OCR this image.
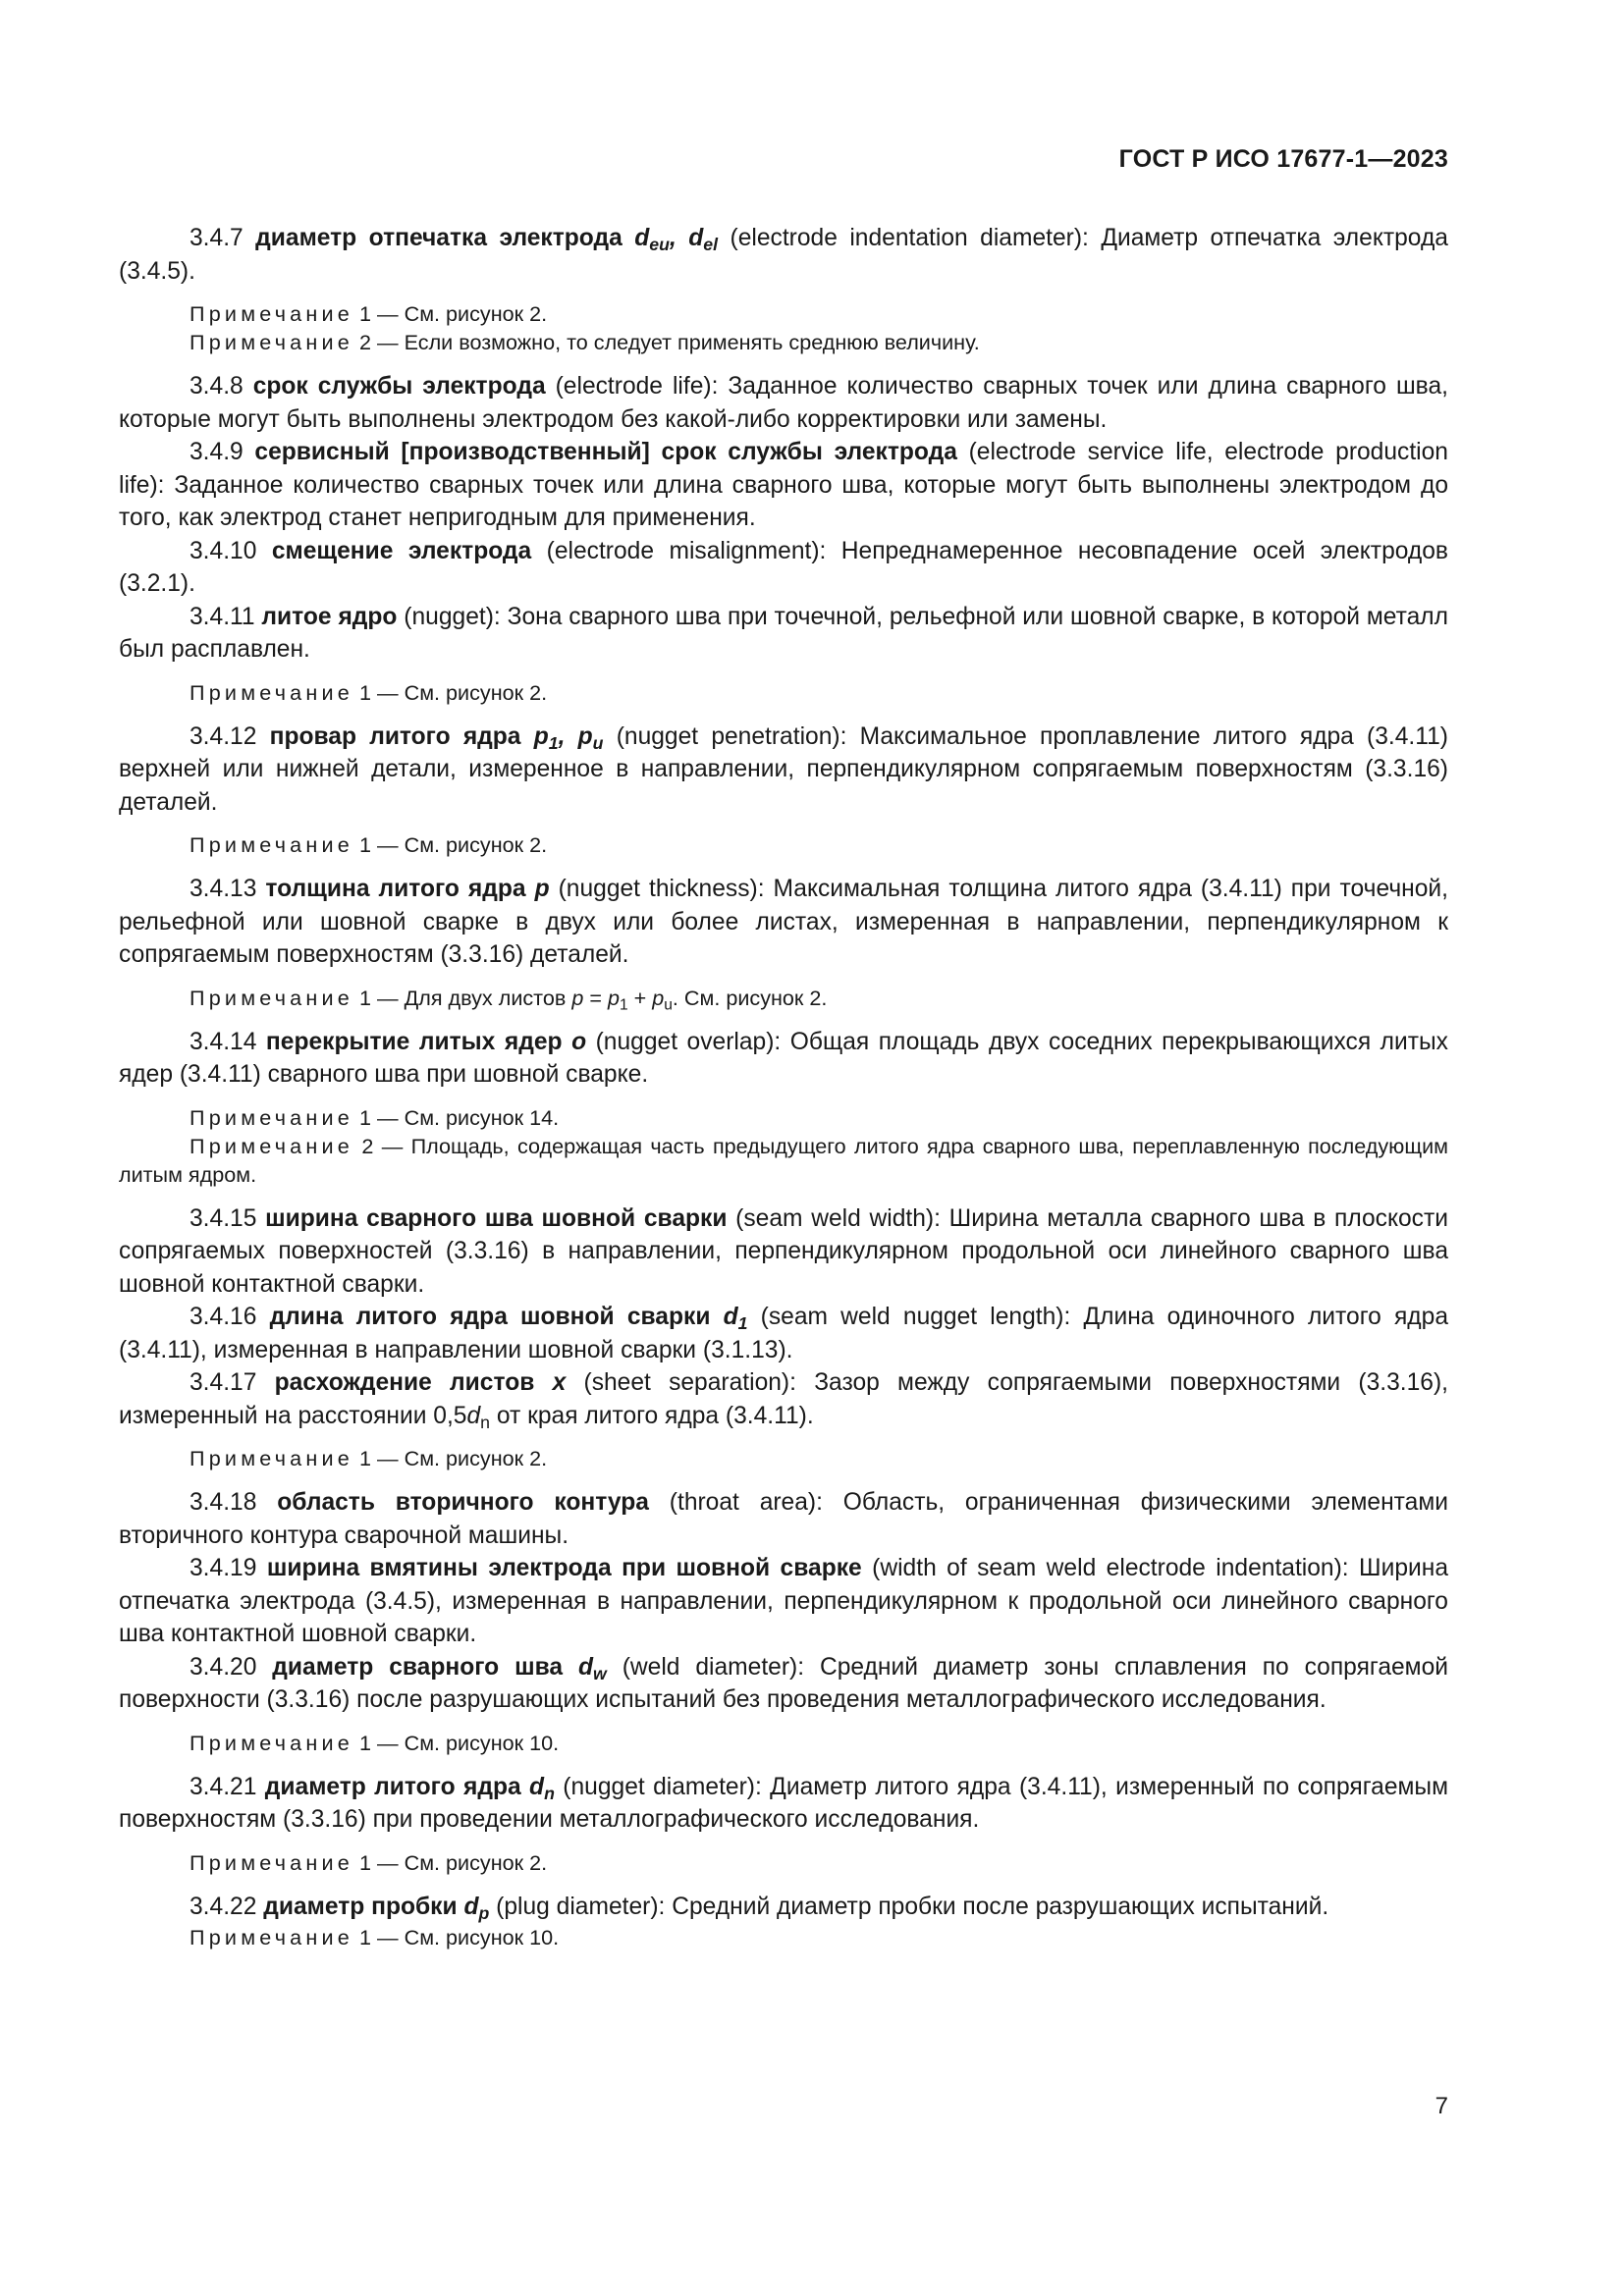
ГОСТ Р ИСО 17677-1—2023

3.4.7 диаметр отпечатка электрода $d_{eu}$, $d_{el}$ (electrode indentation diameter): Диаметр отпечатка электрода (3.4.5).

Примечание 1 — См. рисунок 2.

Примечание 2 — Если возможно, то следует применять среднюю величину.

3.4.8 срок службы электрода (electrode life): Заданное количество сварных точек или длина сварного шва, которые могут быть выполнены электродом без какой-либо корректировки или замены.

3.4.9 сервисный [производственный] срок службы электрода (electrode service life, electrode production life): Заданное количество сварных точек или длина сварного шва, которые могут быть выполнены электродом до того, как электрод станет непригодным для применения.

3.4.10 смещение электрода (electrode misalignment): Непреднамеренное несовпадение осей электродов (3.2.1).

3.4.11 литое ядро (nugget): Зона сварного шва при точечной, рельефной или шовной сварке, в которой металл был расплавлен.

Примечание 1 — См. рисунок 2.

3.4.12 провар литого ядра $p_1$, $p_u$ (nugget penetration): Максимальное проплавление литого ядра (3.4.11) верхней или нижней детали, измеренное в направлении, перпендикулярном сопрягаемым поверхностям (3.3.16) деталей.

Примечание 1 — См. рисунок 2.

3.4.13 толщина литого ядра p (nugget thickness): Максимальная толщина литого ядра (3.4.11) при точечной, рельефной или шовной сварке в двух или более листах, измеренная в направлении, перпендикулярном к сопрягаемым поверхностям (3.3.16) деталей.

Примечание 1 — Для двух листов $p = p_1 + p_u$. См. рисунок 2.

3.4.14 перекрытие литых ядер o (nugget overlap): Общая площадь двух соседних перекрывающихся литых ядер (3.4.11) сварного шва при шовной сварке.

Примечание 1 — См. рисунок 14.

Примечание 2 — Площадь, содержащая часть предыдущего литого ядра сварного шва, переплавленную последующим литым ядром.

3.4.15 ширина сварного шва шовной сварки (seam weld width): Ширина металла сварного шва в плоскости сопрягаемых поверхностей (3.3.16) в направлении, перпендикулярном продольной оси линейного сварного шва шовной контактной сварки.

3.4.16 длина литого ядра шовной сварки $d_1$ (seam weld nugget length): Длина одиночного литого ядра (3.4.11), измеренная в направлении шовной сварки (3.1.13).

3.4.17 расхождение листов x (sheet separation): Зазор между сопрягаемыми поверхностями (3.3.16), измеренный на расстоянии $0,5d_n$ от края литого ядра (3.4.11).

Примечание 1 — См. рисунок 2.

3.4.18 область вторичного контура (throat area): Область, ограниченная физическими элементами вторичного контура сварочной машины.

3.4.19 ширина вмятины электрода при шовной сварке (width of seam weld electrode indentation): Ширина отпечатка электрода (3.4.5), измеренная в направлении, перпендикулярном к продольной оси линейного сварного шва контактной шовной сварки.

3.4.20 диаметр сварного шва $d_w$ (weld diameter): Средний диаметр зоны сплавления по сопрягаемой поверхности (3.3.16) после разрушающих испытаний без проведения металлографического исследования.

Примечание 1 — См. рисунок 10.

3.4.21 диаметр литого ядра $d_n$ (nugget diameter): Диаметр литого ядра (3.4.11), измеренный по сопрягаемым поверхностям (3.3.16) при проведении металлографического исследования.

Примечание 1 — См. рисунок 2.

3.4.22 диаметр пробки $d_p$ (plug diameter): Средний диаметр пробки после разрушающих испытаний.

Примечание 1 — См. рисунок 10.

7
